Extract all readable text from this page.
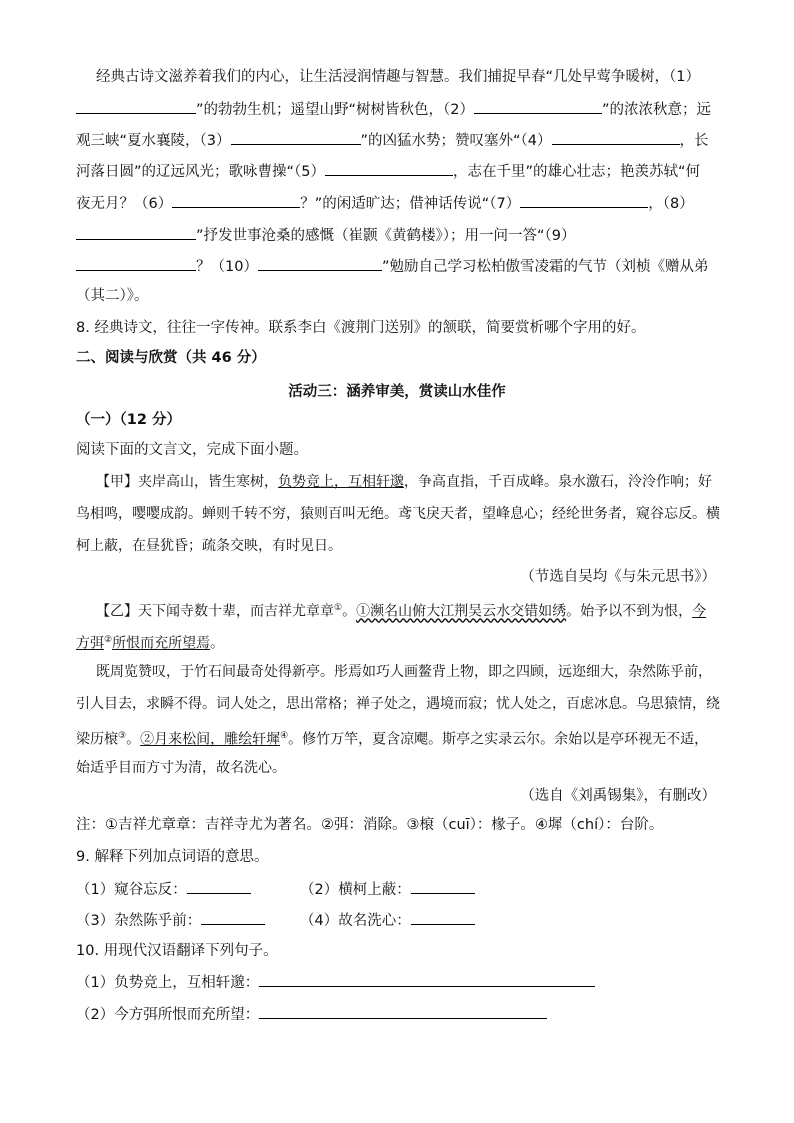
经典古诗文滋养着我们的内心，让生活浸润情趣与智慧。我们捕捉早春“几处早莺争暖树，（1）
”的勃勃生机；遥望山野“树树皆秋色，（2）	”的浓浓秋意；远
观三峡“夏水襄陵，（3）	”的凶猛水势；赞叹塞外“（4）	，长
河落日圆”的辽远风光；歌咏曹操“（5）	，志在千里”的雄心壮志；艳羡苏轼“何
夜无月？（6）	？”的闲适旷达；借神话传说“（7）	，（8）
”抒发世事沧桑的感慨（崔颢《黄鹤楼》）；用一问一答“（9）
？（10）	”勉励自己学习松柏傲雪凌霜的气节（刘桢《赠从弟
（其二）》。
8. 经典诗文，往往一字传神。联系李白《渡荆门送别》的颔联，简要赏析哪个字用的好。
二、阅读与欣赏（共 46 分）
活动三：涵养审美，赏读山水佳作
（一）（12 分）
阅读下面的文言文，完成下面小题。
【甲】夹岸高山，皆生寒树，负势竞上，互相轩邈，争高直指，千百成峰。泉水激石，泠泠作响；好
鸟相鸣，嘤嘤成韵。蝉则千转不穷，猿则百叫无绝。鸢飞戾天者，望峰息心；经纶世务者，窥谷忘反。横
柯上蔽，在昼犹昏；疏条交映，有时见日。
（节选自吴均《与朱元思书》）
【乙】天下闻寺数十辈，而吉祥尤章章①。①濒名山俯大江荆吴云水交错如绣。始予以不到为恨，今
方弭②所恨而充所望焉。
既周览赞叹，于竹石间最奇处得新亭。彤焉如巧人画鳌背上物，即之四顾，远迩细大，杂然陈乎前，
引人目去，求瞬不得。词人处之，思出常格；禅子处之，遇境而寂；忧人处之，百虑冰息。乌思猿情，绕
梁历榱③。②月来松间，雕绘轩墀④。修竹万竿，夏含凉飔。斯亭之实录云尔。余始以是亭环视无不适，
始适乎目而方寸为清，故名洗心。
（选自《刘禹锡集》，有删改）
注：①吉祥尤章章：吉祥寺尤为著名。②弭：消除。③榱（cuī）：椽子。④墀（chí）：台阶。
9. 解释下列加点词语的意思。
（1）窥谷忘反：	（2）横柯上蔽：
（3）杂然陈乎前：	（4）故名洗心：
10. 用现代汉语翻译下列句子。
（1）负势竞上，互相轩邈：
（2）今方弭所恨而充所望：
